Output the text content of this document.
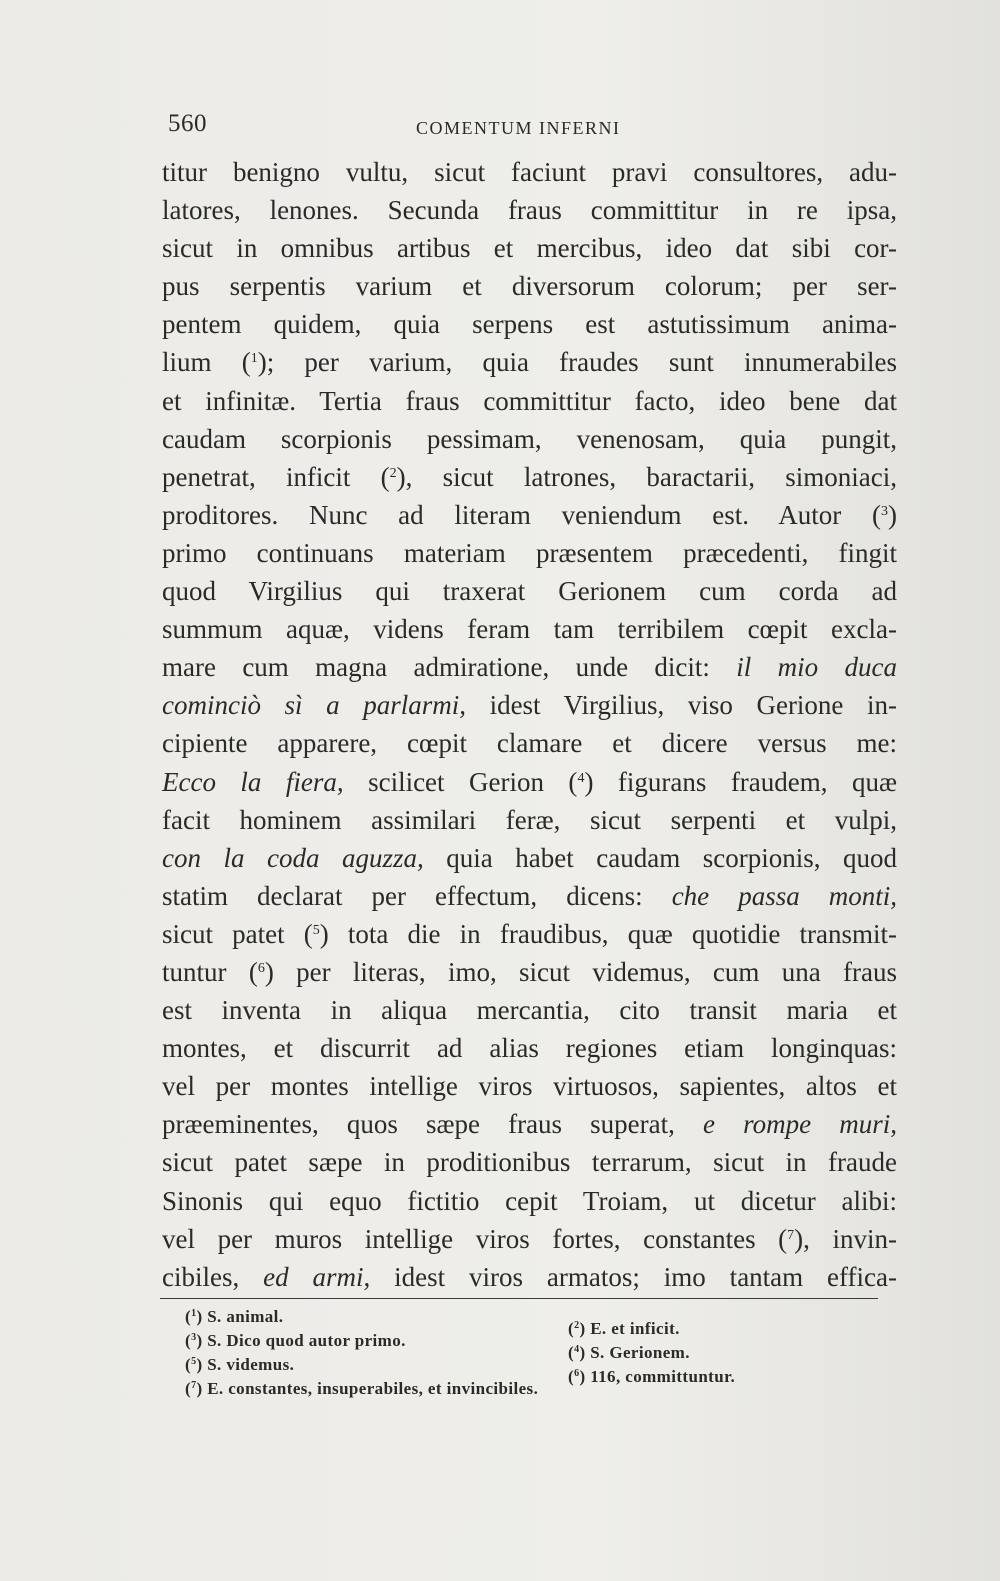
560	COMENTUM INFERNI
titur benigno vultu, sicut faciunt pravi consultores, adu-
latores, lenones. Secunda fraus committitur in re ipsa,
sicut in omnibus artibus et mercibus, ideo dat sibi cor-
pus serpentis varium et diversorum colorum; per ser-
pentem quidem, quia serpens est astutissimum anima-
lium ($^1$); per varium, quia fraudes sunt innumerabiles
et infinitæ. Tertia fraus committitur facto, ideo bene dat
caudam scorpionis pessimam, venenosam, quia pungit,
penetrat, inficit ($^2$), sicut latrones, baractarii, simoniaci,
proditores. Nunc ad literam veniendum est. Autor ($^3$)
primo continuans materiam præsentem præcedenti, fingit
quod Virgilius qui traxerat Gerionem cum corda ad
summum aquæ, videns feram tam terribilem cœpit excla-
mare cum magna admiratione, unde dicit: il mio duca
cominciò sì a parlarmi, idest Virgilius, viso Gerione in-
cipiente apparere, cœpit clamare et dicere versus me:
Ecco la fiera, scilicet Gerion ($^4$) figurans fraudem, quæ
facit hominem assimilari feræ, sicut serpenti et vulpi,
con la coda aguzza, quia habet caudam scorpionis, quod
statim declarat per effectum, dicens: che passa monti,
sicut patet ($^5$) tota die in fraudibus, quæ quotidie transmit-
tuntur ($^6$) per literas, imo, sicut videmus, cum una fraus
est inventa in aliqua mercantia, cito transit maria et
montes, et discurrit ad alias regiones etiam longinquas:
vel per montes intellige viros virtuosos, sapientes, altos et
præeminentes, quos sæpe fraus superat, e rompe muri,
sicut patet sæpe in proditionibus terrarum, sicut in fraude
Sinonis qui equo fictitio cepit Troiam, ut dicetur alibi:
vel per muros intellige viros fortes, constantes ($^7$), invin-
cibiles, ed armi, idest viros armatos; imo tantam effica-
($^1$) S. animal.
($^2$) E. et inficit.
($^3$) S. Dico quod autor primo.
($^4$) S. Gerionem.
($^5$) S. videmus.
($^6$) 116, committuntur.
($^7$) E. constantes, insuperabiles, et invincibiles.
